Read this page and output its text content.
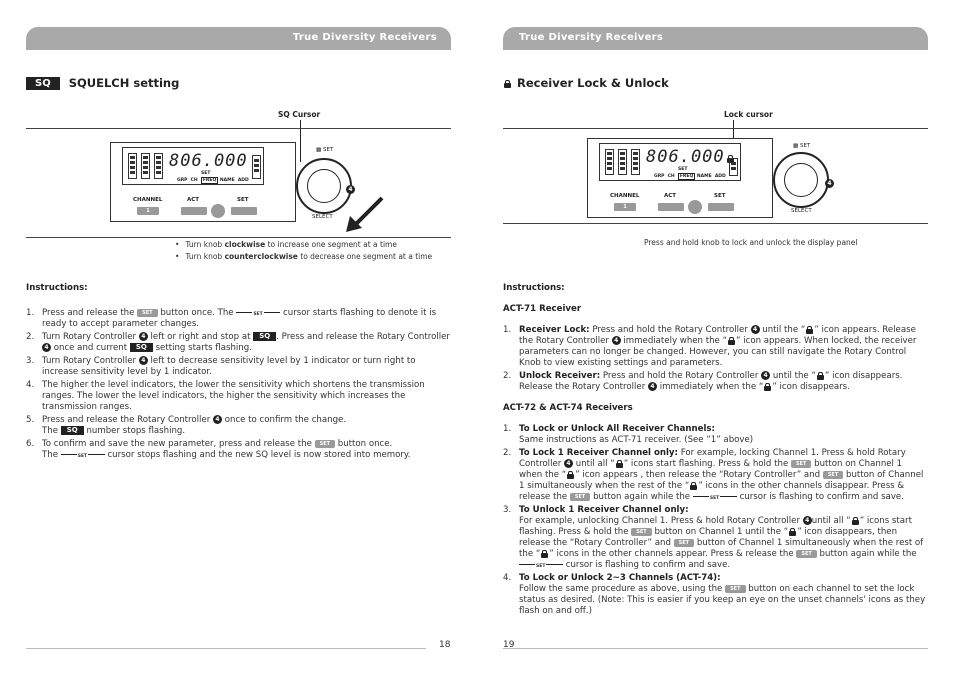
True Diversity Receivers
SQ SQUELCH setting
SQ Cursor
806.000
SET
GRP CH FREQ NAME ADD
CHANNEL
1
ACT	SET
▩ SET
4
SELECT
• Turn knob clockwise to increase one segment at a time
• Turn knob counterclockwise to decrease one segment at a time
Instructions:
1. Press and release the SET button once. The	SET cursor starts flashing to denote it is ready to accept parameter changes.
2. Turn Rotary Controller 4 left or right and stop at SQ . Press and release the Rotary Controller 4 once and current SQ setting starts flashing.
3. Turn Rotary Controller 4 left to decrease sensitivity level by 1 indicator or turn right to increase sensitivity level by 1 indicator.
4. The higher the level indicators, the lower the sensitivity which shortens the transmission ranges. The lower the level indicators, the higher the sensitivity which increases the transmission ranges.
5. Press and release the Rotary Controller 4 once to confirm the change.
The SQ number stops flashing.
6. To confirm and save the new parameter, press and release the SET button once.
The	SET cursor stops flashing and the new SQ level is now stored into memory.
18
True Diversity Receivers
Receiver Lock & Unlock
Lock cursor
806.000
SET
GRP CH FREQ NAME ADD
CHANNEL
1
ACT	SET
▩ SET
4
SELECT
Press and hold knob to lock and unlock the display panel
Instructions:
ACT-71 Receiver
1. Receiver Lock: Press and hold the Rotary Controller 4 until the “ ” icon appears. Release the Rotary Controller 4 immediately when the “ ” icon appears. When locked, the receiver parameters can no longer be changed. However, you can still navigate the Rotary Control Knob to view existing settings and parameters.
2. Unlock Receiver: Press and hold the Rotary Controller 4 until the “ ” icon disappears. Release the Rotary Controller 4 immediately when the “ ” icon disappears.
ACT-72 & ACT-74 Receivers
1. To Lock or Unlock All Receiver Channels:
Same instructions as ACT-71 receiver. (See “1” above)
2. To Lock 1 Receiver Channel only: For example, locking Channel 1. Press & hold Rotary Controller 4 until all “ ” icons start flashing. Press & hold the SET button on Channel 1 when the “ ” icon appears , then release the “Rotary Controller” and SET button of Channel 1 simultaneously when the rest of the “ ” icons in the other channels disappear. Press & release the SET button again while the	SET cursor is flashing to confirm and save.
3. To Unlock 1 Receiver Channel only:
For example, unlocking Channel 1. Press & hold Rotary Controller 4 until all “ ” icons start flashing. Press & hold the SET button on Channel 1 until the “ ” icon disappears, then release the “Rotary Controller” and SET button of Channel 1 simultaneously when the rest of the “ ” icons in the other channels appear. Press & release the SET button again while the
SET cursor is flashing to confirm and save.
4. To Lock or Unlock 2~3 Channels (ACT-74):
Follow the same procedure as above, using the SET button on each channel to set the lock status as desired. (Note: This is easier if you keep an eye on the unset channels' icons as they flash on and off.)
19
